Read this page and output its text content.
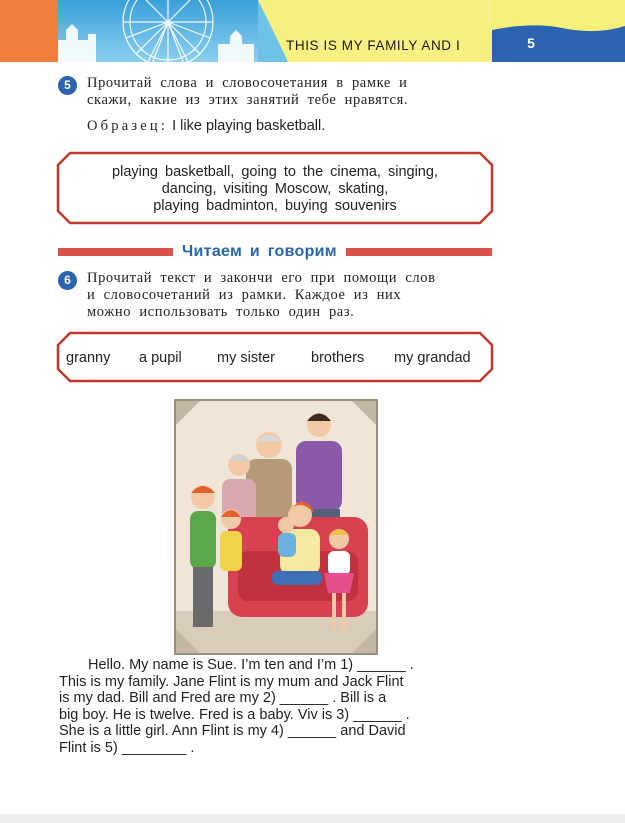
THIS IS MY FAMILY AND I	5
5	Прочитай слова и словосочетания в рамке и
скажи, какие из этих занятий тебе нравятся.
Образец: I like playing basketball.
playing basketball, going to the cinema, singing,
dancing, visiting Moscow, skating,
playing badminton, buying souvenirs
Читаем и говорим
6	Прочитай текст и закончи его при помощи слов
и словосочетаний из рамки. Каждое из них
можно использовать только один раз.
granny a pupil my sister brothers my grandad
Hello. My name is Sue. I’m ten and I’m 1) ______ .
This is my family. Jane Flint is my mum and Jack Flint
is my dad. Bill and Fred are my 2) ______ . Bill is a
big boy. He is twelve. Fred is a baby. Viv is 3) ______ .
She is a little girl. Ann Flint is my 4) ______ and David
Flint is 5) ________ .
